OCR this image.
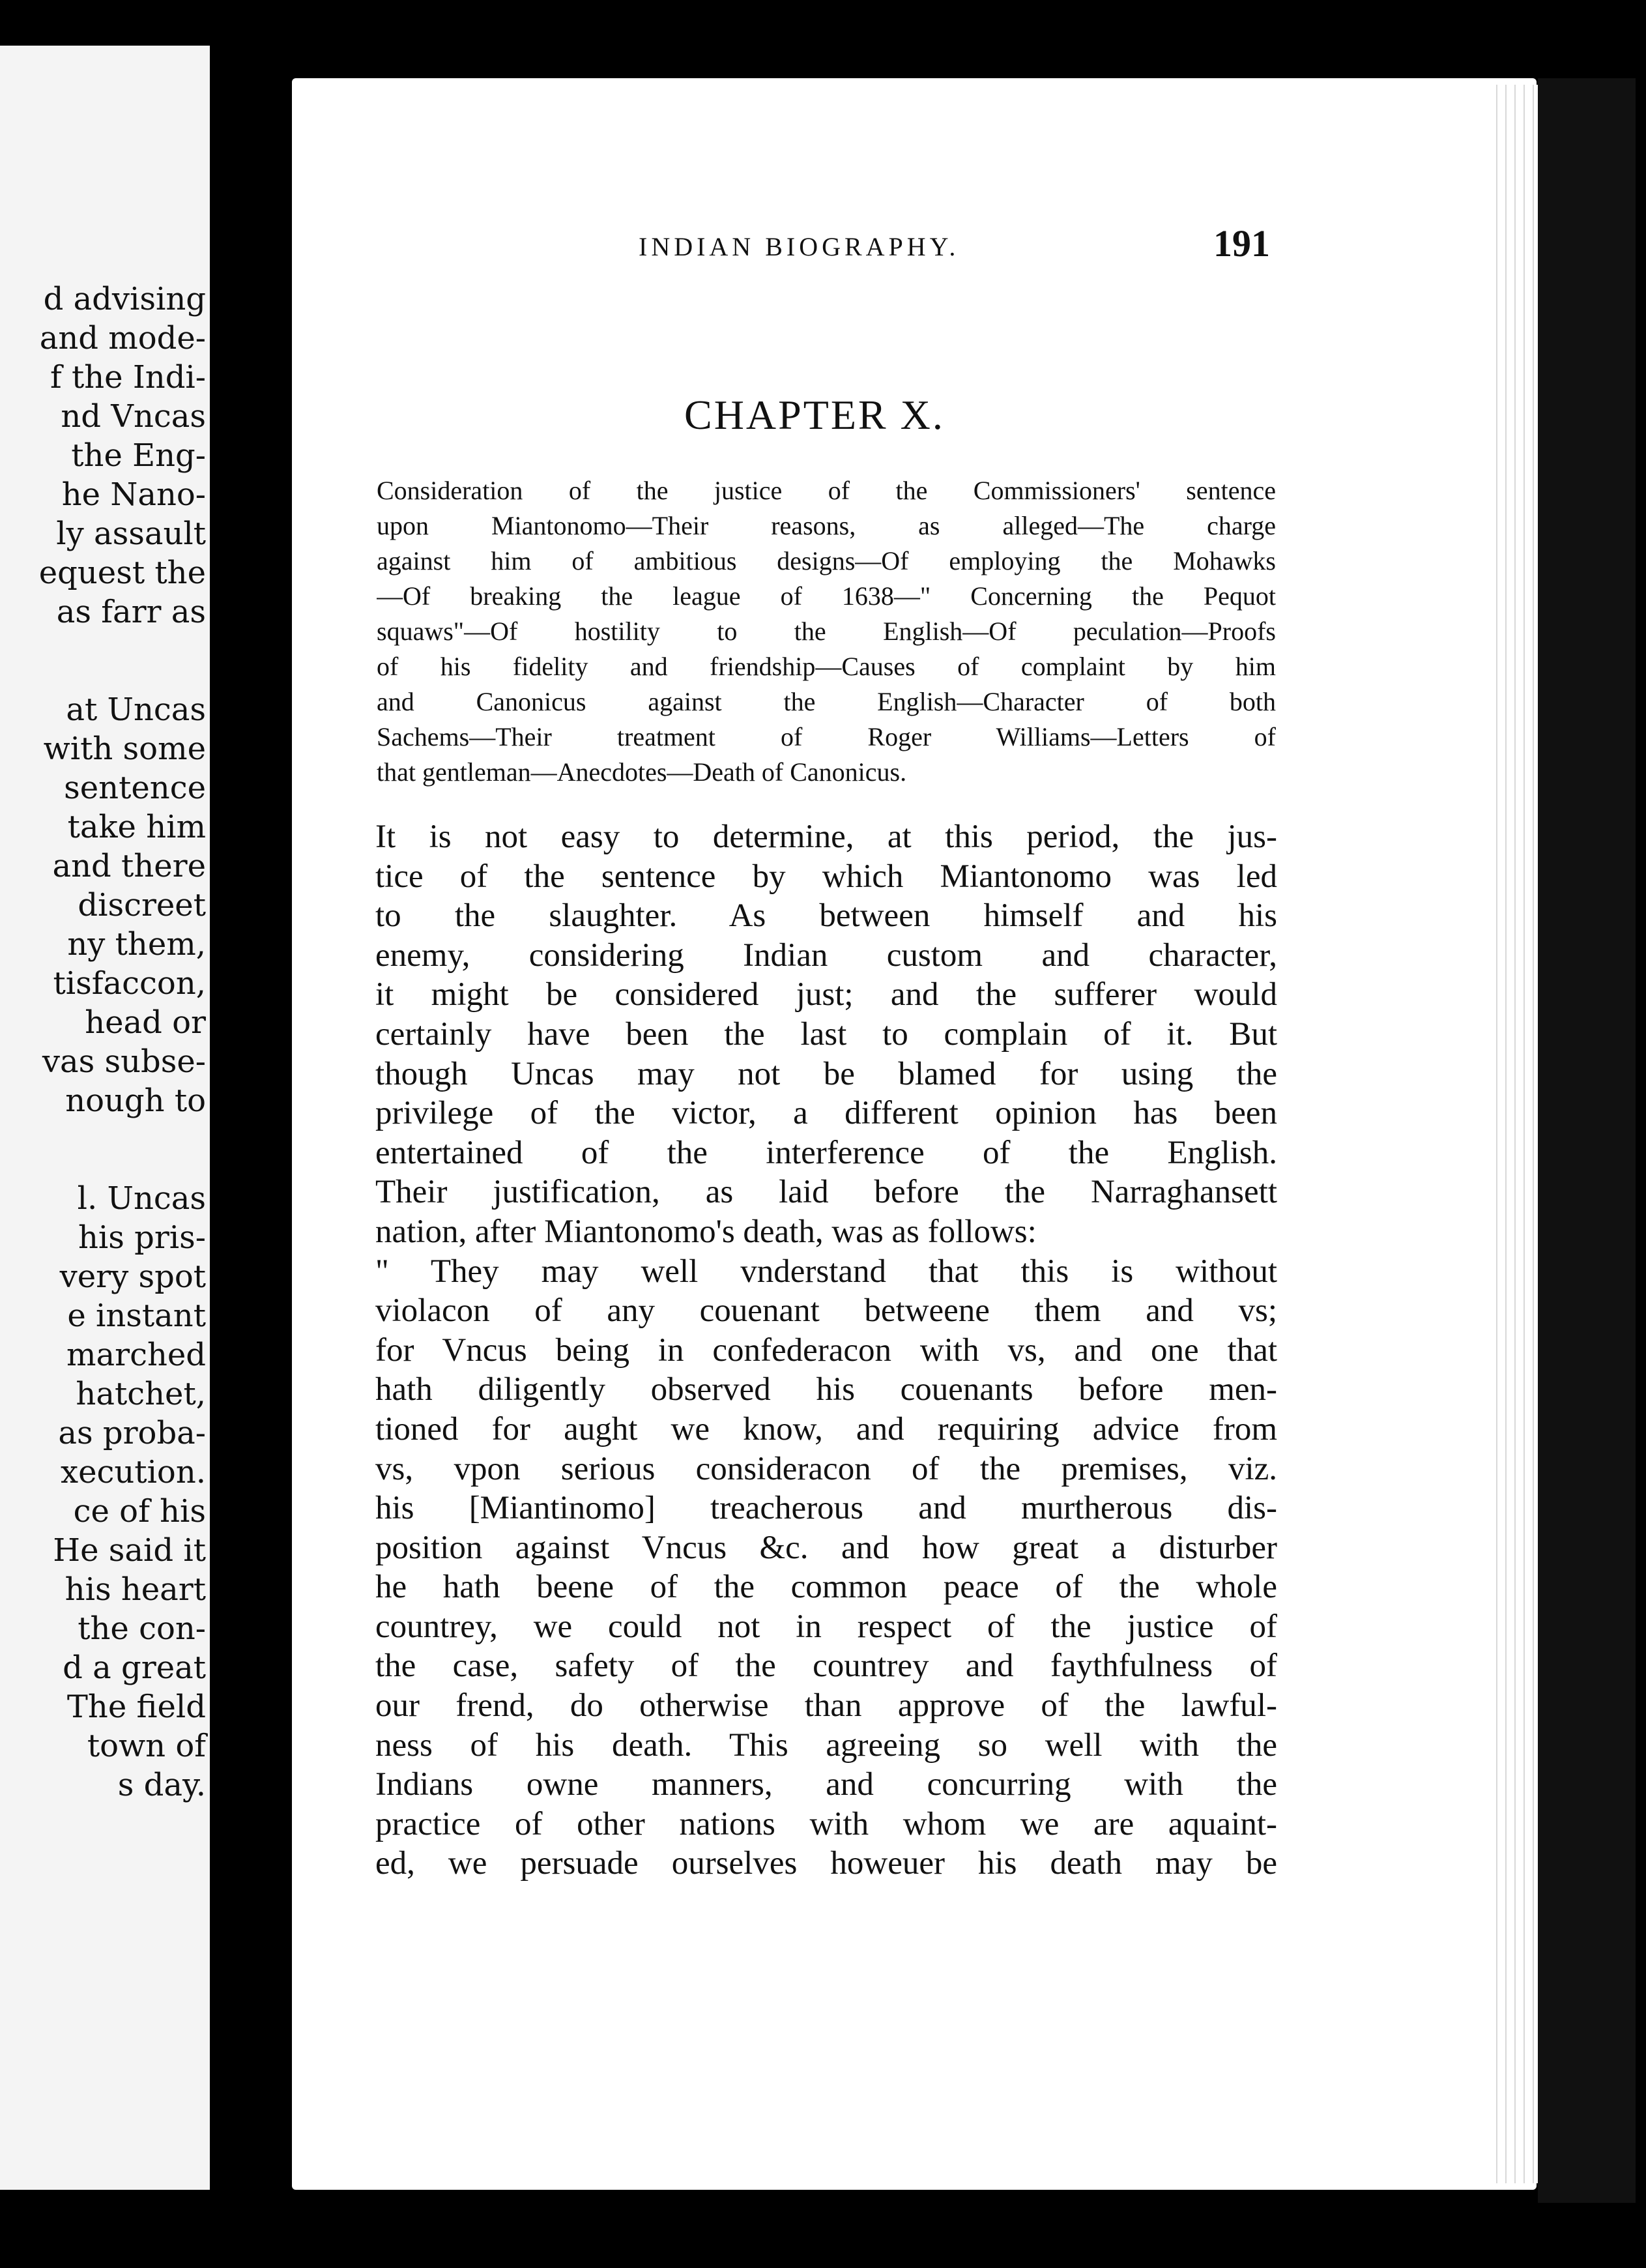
d advising
and mode-
f the Indi-
nd Vncas
the Eng-
he Nano-
ly assault
equest the
as farr as
at Uncas
with some
sentence
take him
and there
discreet
ny them,
tisfaccon,
head or
vas subse-
nough to
l. Uncas
his pris-
very spot
e instant
marched
hatchet,
as proba-
xecution.
ce of his
He said it
his heart
the con-
d a great
The field
town of
s day.
INDIAN BIOGRAPHY.	191
CHAPTER X.
Consideration of the justice of the Commissioners' sentence
upon Miantonomo—Their reasons, as alleged—The charge
against him of ambitious designs—Of employing the Mohawks
—Of breaking the league of 1638—" Concerning the Pequot
squaws"—Of hostility to the English—Of peculation—Proofs
of his fidelity and friendship—Causes of complaint by him
and Canonicus against the English—Character of both
Sachems—Their treatment of Roger Williams—Letters of
that gentleman—Anecdotes—Death of Canonicus.
It is not easy to determine, at this period, the jus-
tice of the sentence by which Miantonomo was led
to the slaughter. As between himself and his
enemy, considering Indian custom and character,
it might be considered just; and the sufferer would
certainly have been the last to complain of it. But
though Uncas may not be blamed for using the
privilege of the victor, a different opinion has been
entertained of the interference of the English.
Their justification, as laid before the Narraghansett
nation, after Miantonomo's death, was as follows:
" They may well vnderstand that this is without
violacon of any couenant betweene them and vs;
for Vncus being in confederacon with vs, and one that
hath diligently observed his couenants before men-
tioned for aught we know, and requiring advice from
vs, vpon serious consideracon of the premises, viz.
his [Miantinomo] treacherous and murtherous dis-
position against Vncus &c. and how great a disturber
he hath beene of the common peace of the whole
countrey, we could not in respect of the justice of
the case, safety of the countrey and faythfulness of
our frend, do otherwise than approve of the lawful-
ness of his death. This agreeing so well with the
Indians owne manners, and concurring with the
practice of other nations with whom we are aquaint-
ed, we persuade ourselves howeuer his death may be
